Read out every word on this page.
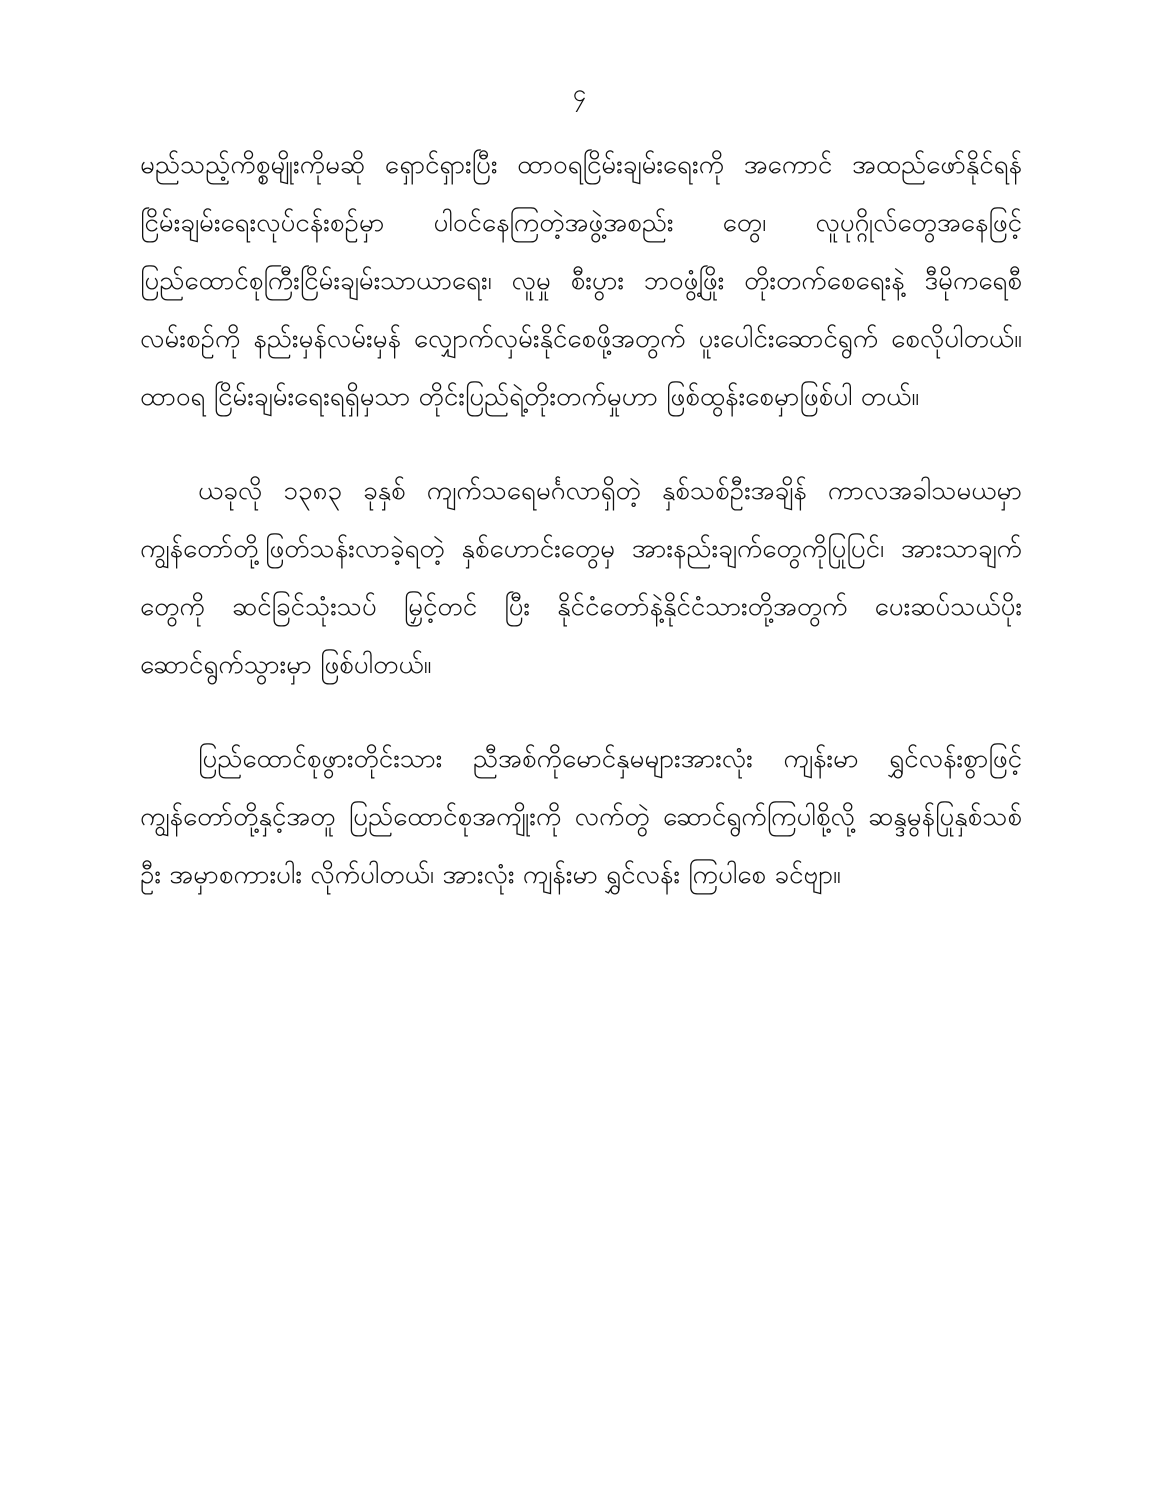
၄

မည်သည့်ကိစ္စမျိုးကိုမဆို ရှောင်ရှားပြီး ထာဝရငြိမ်းချမ်းရေးကို အကောင် အထည်ဖော်နိုင်ရန် ငြိမ်းချမ်းရေးလုပ်ငန်းစဉ်မှာ ပါဝင်နေကြတဲ့အဖွဲ့အစည်း တွေ၊ လူပုဂ္ဂိုလ်တွေအနေဖြင့် ပြည်ထောင်စုကြီးငြိမ်းချမ်းသာယာရေး၊ လူမှု စီးပွား ဘဝဖွံ့ဖြိုး တိုးတက်စေရေးနဲ့ ဒီမိုကရေစီလမ်းစဉ်ကို နည်းမှန်လမ်းမှန် လျှောက်လှမ်းနိုင်စေဖို့အတွက် ပူးပေါင်းဆောင်ရွက် စေလိုပါတယ်။ ထာဝရ ငြိမ်းချမ်းရေးရရှိမှသာ တိုင်းပြည်ရဲ့တိုးတက်မှုဟာ ဖြစ်ထွန်းစေမှာဖြစ်ပါ တယ်။

ယခုလို ၁၃၈၃ ခုနှစ် ကျက်သရေမင်္ဂလာရှိတဲ့ နှစ်သစ်ဦးအချိန် ကာလအခါသမယမှာ ကျွန်တော်တို့ဖြတ်သန်းလာခဲ့ရတဲ့ နှစ်ဟောင်းတွေမှ အားနည်းချက်တွေကိုပြုပြင်၊ အားသာချက်တွေကို ဆင်ခြင်သုံးသပ် မြှင့်တင် ပြီး နိုင်ငံတော်နဲ့နိုင်ငံသားတို့အတွက် ပေးဆပ်သယ်ပိုး ဆောင်ရွက်သွားမှာ ဖြစ်ပါတယ်။

ပြည်ထောင်စုဖွားတိုင်းသား ညီအစ်ကိုမောင်နှမများအားလုံး ကျန်းမာ ရွှင်လန်းစွာဖြင့် ကျွန်တော်တို့နှင့်အတူ ပြည်ထောင်စုအကျိုးကို လက်တွဲ ဆောင်ရွက်ကြပါစို့လို့ ဆန္ဒမွန်ပြုနှစ်သစ်ဦး အမှာစကားပါး လိုက်ပါတယ်၊ အားလုံး ကျန်းမာ ရွှင်လန်း ကြပါစေ ခင်ဗျာ။
